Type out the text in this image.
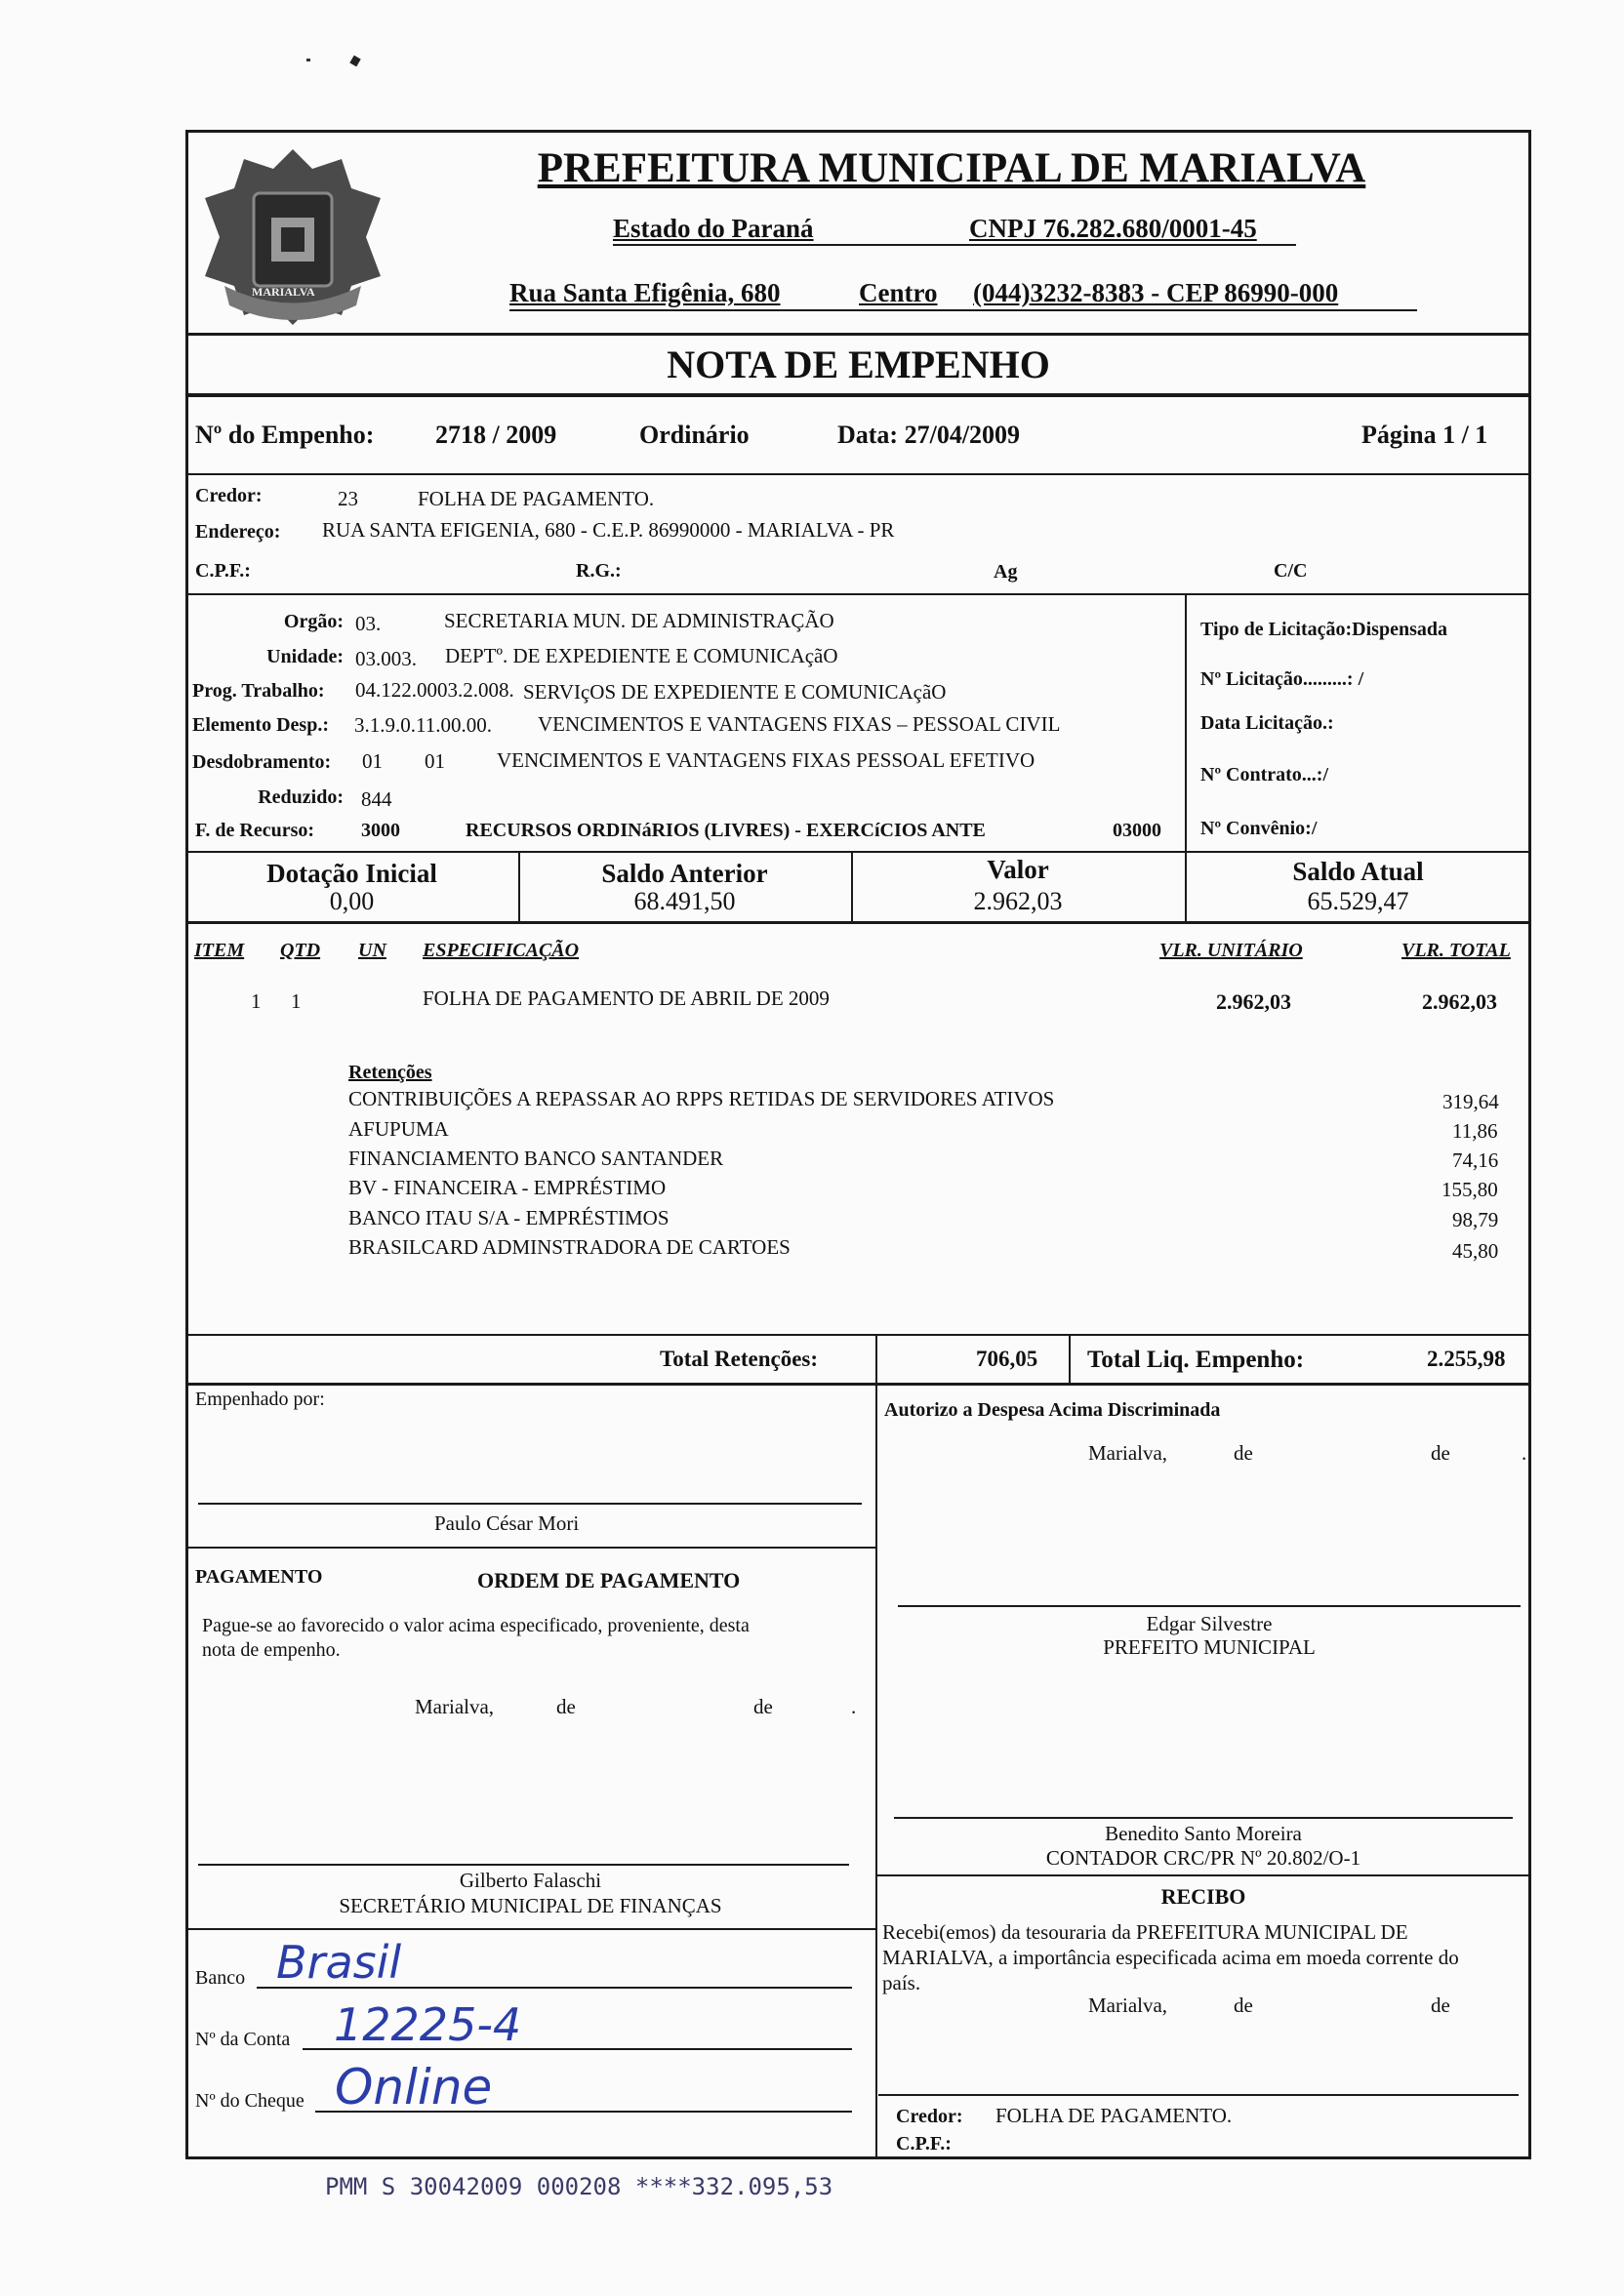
MARIALVA
PREFEITURA MUNICIPAL DE MARIALVA
Estado do Paraná	CNPJ 76.282.680/0001-45
Rua Santa Efigênia, 680	Centro (044)3232-8383 - CEP 86990-000
NOTA DE EMPENHO
Nº do Empenho: 2718 / 2009	Ordinário	Data: 27/04/2009	Página 1 / 1
Credor:	23	FOLHA DE PAGAMENTO.
Endereço: RUA SANTA EFIGENIA, 680 - C.E.P. 86990000 - MARIALVA - PR
C.P.F.:	R.G.:	Ag	C/C
Orgão: 03.	SECRETARIA MUN. DE ADMINISTRAÇÃO
Unidade: 03.003. DEPTº. DE EXPEDIENTE E COMUNICAçãO
Prog. Trabalho: 04.122.0003.2.008. SERVIçOS DE EXPEDIENTE E COMUNICAçãO
Elemento Desp.: 3.1.9.0.11.00.00. VENCIMENTOS E VANTAGENS FIXAS – PESSOAL CIVIL
Desdobramento: 01 01	VENCIMENTOS E VANTAGENS FIXAS PESSOAL EFETIVO
Reduzido: 844
F. de Recurso: 3000	RECURSOS ORDINáRIOS (LIVRES) - EXERCíCIOS ANTE	03000
Tipo de Licitação:Dispensada
Nº Licitação.........: /
Data Licitação.:
Nº Contrato...:/
Nº Convênio:/
Dotação Inicial
0,00
Saldo Anterior
68.491,50
Valor
2.962,03
Saldo Atual
65.529,47
ITEM QTD UN ESPECIFICAÇÃO	VLR. UNITÁRIO	VLR. TOTAL
1 1	FOLHA DE PAGAMENTO DE ABRIL DE 2009	2.962,03	2.962,03
Retenções
CONTRIBUIÇÕES A REPASSAR AO RPPS RETIDAS DE SERVIDORES ATIVOS	319,64
AFUPUMA	11,86
FINANCIAMENTO BANCO SANTANDER	74,16
BV - FINANCEIRA - EMPRÉSTIMO	155,80
BANCO ITAU S/A - EMPRÉSTIMOS	98,79
BRASILCARD ADMINSTRADORA DE CARTOES	45,80
Total Retenções:	706,05 Total Liq. Empenho:	2.255,98
Empenhado por:
Paulo César Mori
PAGAMENTO	ORDEM DE PAGAMENTO
Pague-se ao favorecido o valor acima especificado, proveniente, desta
nota de empenho.
Marialva,	de	de	.
Gilberto Falaschi
SECRETÁRIO MUNICIPAL DE FINANÇAS
Banco Brasil
Nº da Conta 12225-4
Nº do Cheque Online
Autorizo a Despesa Acima Discriminada
Marialva,	de	de	.
Edgar Silvestre
PREFEITO MUNICIPAL
Benedito Santo Moreira
CONTADOR CRC/PR Nº 20.802/O-1
RECIBO
Recebi(emos) da tesouraria da PREFEITURA MUNICIPAL DE
MARIALVA, a importância especificada acima em moeda corrente do
país.
Marialva,	de	de
Credor: FOLHA DE PAGAMENTO.
C.P.F.:
PMM S 30042009 000208 ****332.095,53
